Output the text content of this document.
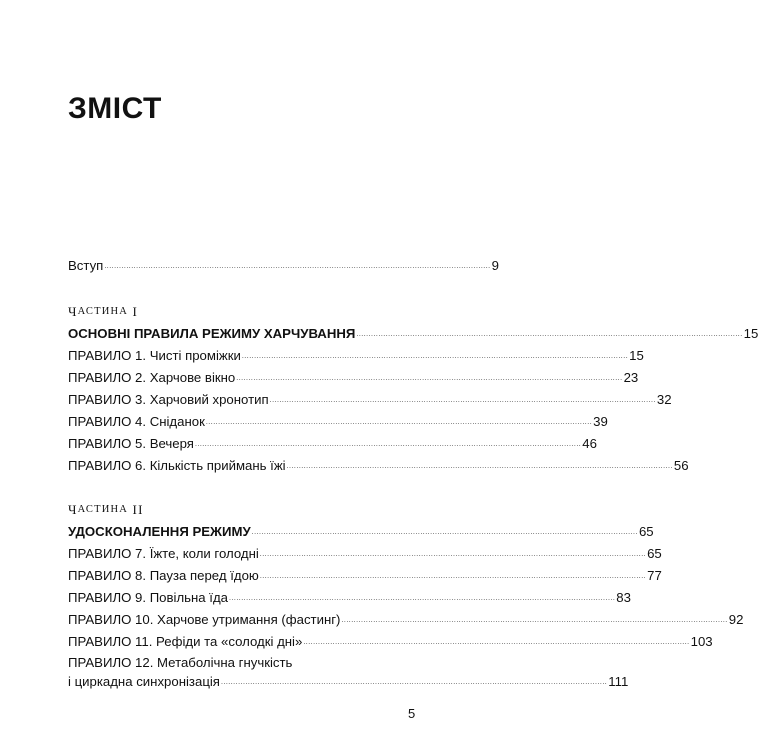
ЗМІСТ
Вступ .............................................................................................................................................................. 9
Ч АСТИНА
I
ОСНОВНІ ПРАВИЛА РЕЖИМУ ХАРЧУВАННЯ .............................................................................................................................................................. 15
ПРАВИЛО 1. Чисті проміжки .............................................................................................................................................................. 15
ПРАВИЛО 2. Харчове вікно .............................................................................................................................................................. 23
ПРАВИЛО 3. Харчовий хронотип .............................................................................................................................................................. 32
ПРАВИЛО 4. Сніданок .............................................................................................................................................................. 39
ПРАВИЛО 5. Вечеря .............................................................................................................................................................. 46
ПРАВИЛО 6. Кількість приймань їжі .............................................................................................................................................................. 56
Ч АСТИНА
II
УДОСКОНАЛЕННЯ РЕЖИМУ .............................................................................................................................................................. 65
ПРАВИЛО 7. Їжте, коли голодні .............................................................................................................................................................. 65
ПРАВИЛО 8. Пауза перед їдою .............................................................................................................................................................. 77
ПРАВИЛО 9. Повільна їда .............................................................................................................................................................. 83
ПРАВИЛО 10. Харчове утримання (фастинг) .............................................................................................................................................................. 92
ПРАВИЛО 11. Рефіди та «солодкі дні» .............................................................................................................................................................. 103
ПРАВИЛО 12. Метаболічна гнучкість
і циркадна синхронізація .............................................................................................................................................................. 111
5
